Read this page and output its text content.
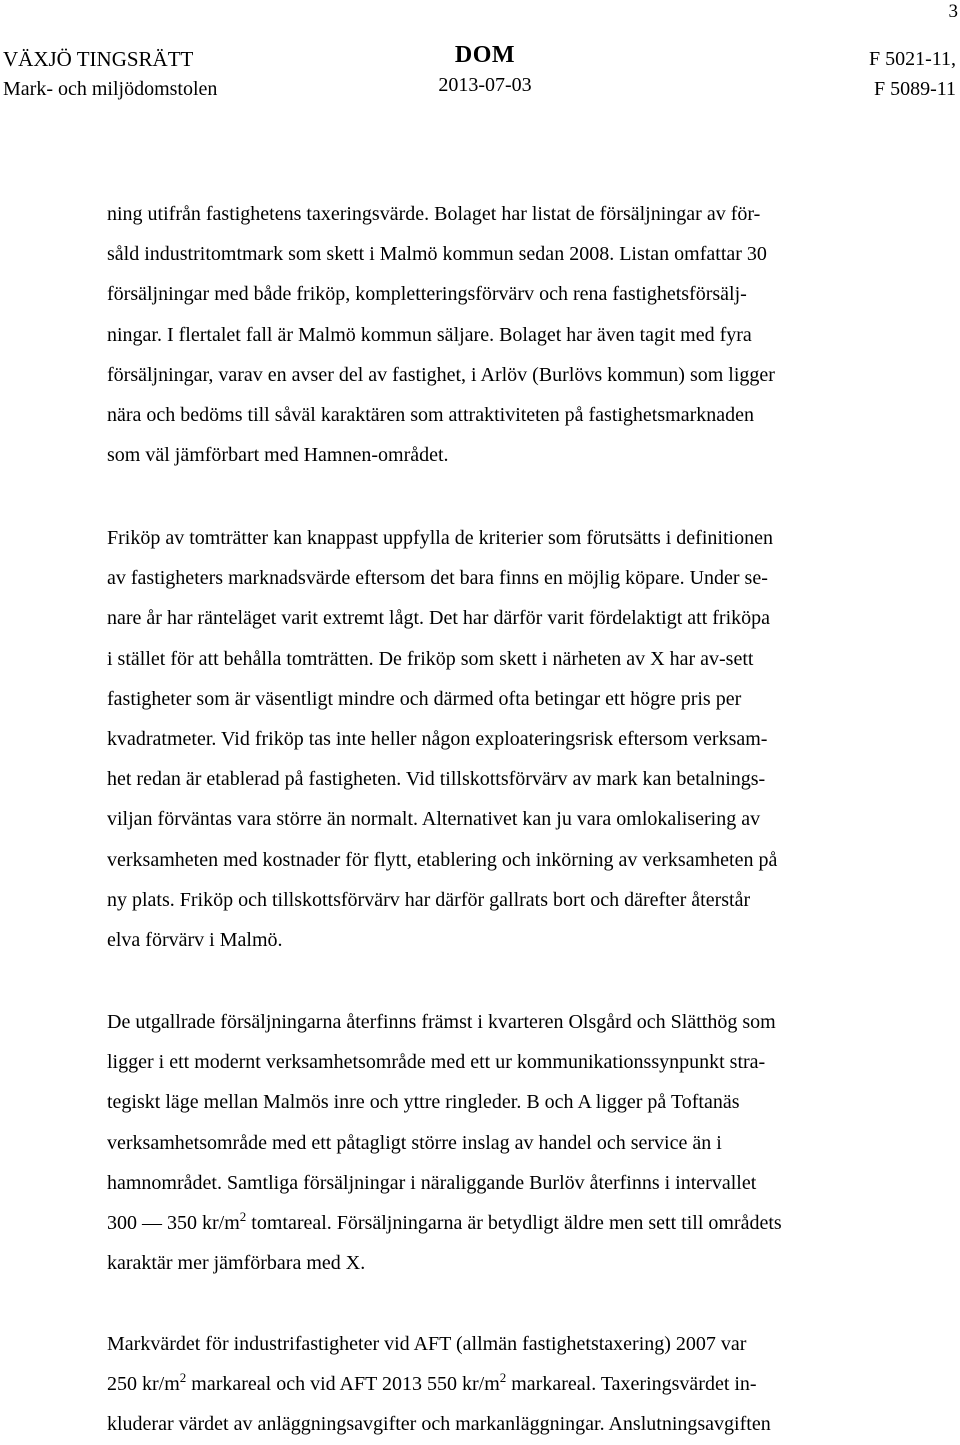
3
VÄXJÖ TINGSRÄTT
Mark- och miljödomstolen
DOM
2013-07-03
F 5021-11,
F 5089-11

ning utifrån fastighetens taxeringsvärde. Bolaget har listat de försäljningar av för-

såld industritomtmark som skett i Malmö kommun sedan 2008. Listan omfattar 30

försäljningar med både friköp, kompletteringsförvärv och rena fastighetsförsälj-

ningar. I flertalet fall är Malmö kommun säljare. Bolaget har även tagit med fyra

försäljningar, varav en avser del av fastighet, i Arlöv (Burlövs kommun) som ligger

nära och bedöms till såväl karaktären som attraktiviteten på fastighetsmarknaden

som väl jämförbart med Hamnen-området.

Friköp av tomträtter kan knappast uppfylla de kriterier som förutsätts i definitionen

av fastigheters marknadsvärde eftersom det bara finns en möjlig köpare. Under se-

nare år har ränteläget varit extremt lågt. Det har därför varit fördelaktigt att friköpa

i stället för att behålla tomträtten. De friköp som skett i närheten av X har av-sett

fastigheter som är väsentligt mindre och därmed ofta betingar ett högre pris per

kvadratmeter. Vid friköp tas inte heller någon exploateringsrisk eftersom verksam-

het redan är etablerad på fastigheten. Vid tillskottsförvärv av mark kan betalnings-

viljan förväntas vara större än normalt. Alternativet kan ju vara omlokalisering av

verksamheten med kostnader för flytt, etablering och inkörning av verksamheten på

ny plats. Friköp och tillskottsförvärv har därför gallrats bort och därefter återstår

elva förvärv i Malmö.

De utgallrade försäljningarna återfinns främst i kvarteren Olsgård och Slätthög som

ligger i ett modernt verksamhetsområde med ett ur kommunikationssynpunkt stra-

tegiskt läge mellan Malmös inre och yttre ringleder. B och A ligger på Toftanäs

verksamhetsområde med ett påtagligt större inslag av handel och service än i

hamnområdet. Samtliga försäljningar i näraliggande Burlöv återfinns i intervallet

300 — 350 $kr/m^2$ tomtareal. Försäljningarna är betydligt äldre men sett till områdets

karaktär mer jämförbara med X.

Markvärdet för industrifastigheter vid AFT (allmän fastighetstaxering) 2007 var

250 $kr/m^2$ markareal och vid AFT 2013 550 $kr/m^2$ markareal. Taxeringsvärdet in-

kluderar värdet av anläggningsavgifter och markanläggningar. Anslutningsavgiften
